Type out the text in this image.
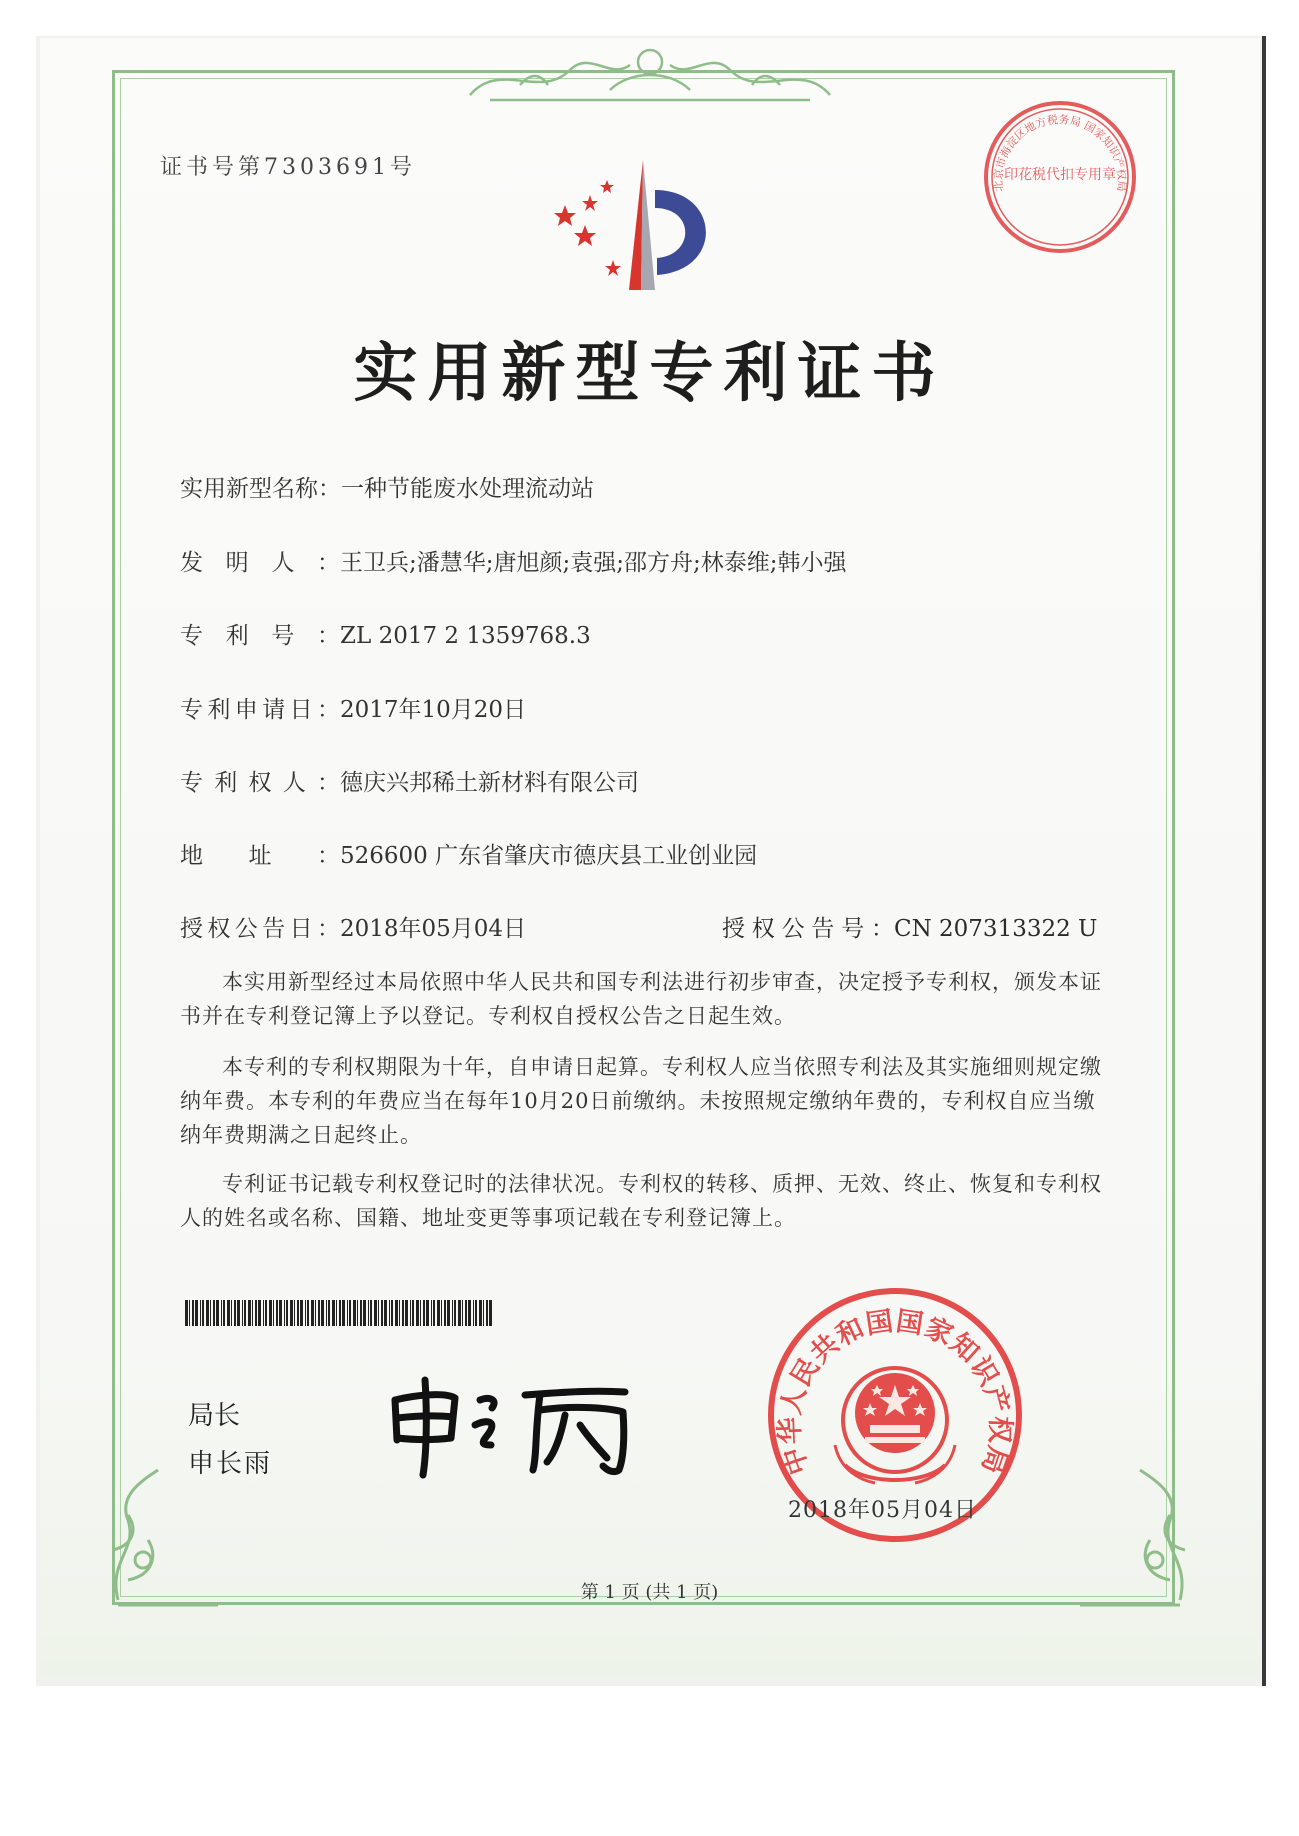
证书号第7303691号
实用新型专利证书
实用新型名称：一种节能废水处理流动站
发明人：王卫兵;潘慧华;唐旭颜;袁强;邵方舟;林泰维;韩小强
专利号：ZL 2017 2 1359768.3
专利申请日：2017年10月20日
专利权人：德庆兴邦稀土新材料有限公司
地址：526600 广东省肇庆市德庆县工业创业园
授权公告日：2018年05月04日	授权公告号：CN 207313322 U
本实用新型经过本局依照中华人民共和国专利法进行初步审查，决定授予专利权，颁发本证书并在专利登记簿上予以登记。专利权自授权公告之日起生效。
本专利的专利权期限为十年，自申请日起算。专利权人应当依照专利法及其实施细则规定缴纳年费。本专利的年费应当在每年10月20日前缴纳。未按照规定缴纳年费的，专利权自应当缴纳年费期满之日起终止。
专利证书记载专利权登记时的法律状况。专利权的转移、质押、无效、终止、恢复和专利权人的姓名或名称、国籍、地址变更等事项记载在专利登记簿上。
局长
申长雨	中华人民共和国国家知识产权局
北京市海淀区地方税务局 国家知识产权局
印花税代扣专用章
2018年05月04日
第 1 页 (共 1 页)
